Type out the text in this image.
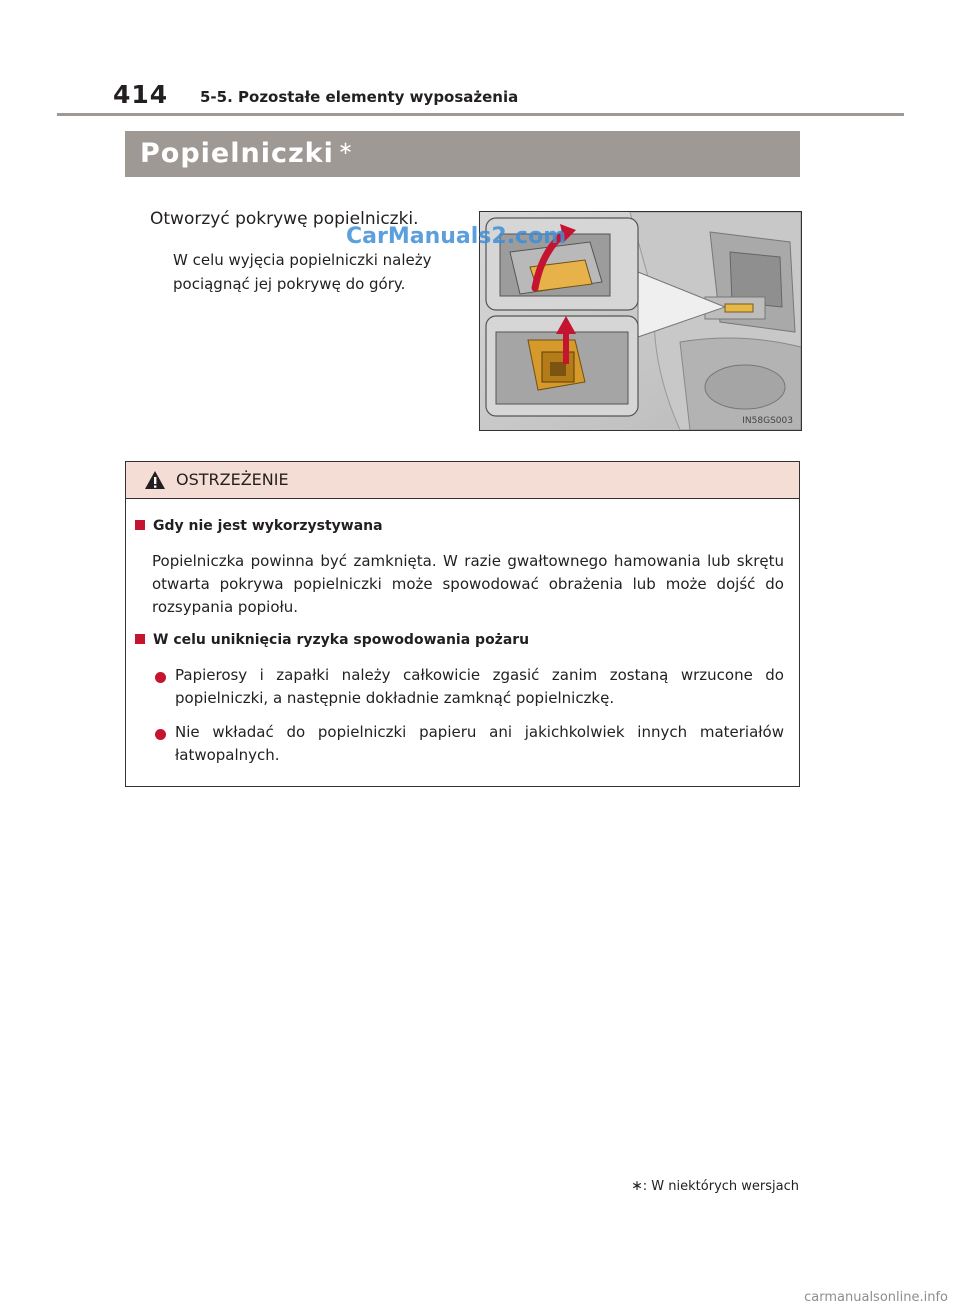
414 5-5. Pozostałe elementy wyposażenia
Popielniczki ∗
Otworzyć pokrywę popielniczki.
W celu wyjęcia popielniczki należy
pociągnąć jej pokrywę do góry.
IN58GS003
CarManuals2.com
OSTRZEŻENIE
Gdy nie jest wykorzystywana
Popielniczka powinna być zamknięta. W razie gwałtownego hamowania lub skrętu otwarta pokrywa popielniczki może spowodować obrażenia lub może dojść do rozsypania popiołu.
W celu uniknięcia ryzyka spowodowania pożaru
Papierosy i zapałki należy całkowicie zgasić zanim zostaną wrzucone do popielniczki, a następnie dokładnie zamknąć popielniczkę.
Nie wkładać do popielniczki papieru ani jakichkolwiek innych materiałów łatwopalnych.
∗: W niektórych wersjach
carmanualsonline.info
